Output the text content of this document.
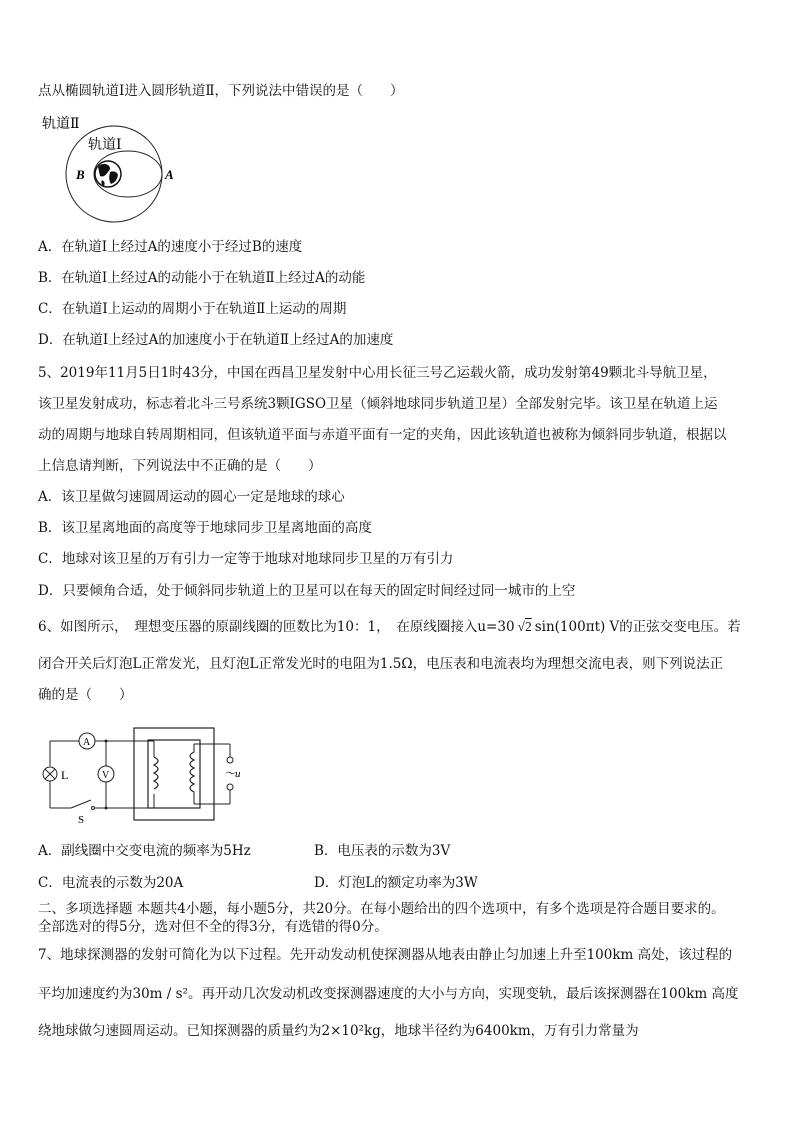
点从椭圆轨道Ⅰ进入圆形轨道Ⅱ，下列说法中错误的是（　　）
轨道Ⅱ
轨道Ⅰ
B	A
A．在轨道Ⅰ上经过A的速度小于经过B的速度
B．在轨道Ⅰ上经过A的动能小于在轨道Ⅱ上经过A的动能
C．在轨道Ⅰ上运动的周期小于在轨道Ⅱ上运动的周期
D．在轨道Ⅰ上经过A的加速度小于在轨道Ⅱ上经过A的加速度
5、2019年11月5日1时43分，中国在西昌卫星发射中心用长征三号乙运载火箭，成功发射第49颗北斗导航卫星，
该卫星发射成功，标志着北斗三号系统3颗IGSO卫星（倾斜地球同步轨道卫星）全部发射完毕。该卫星在轨道上运
动的周期与地球自转周期相同，但该轨道平面与赤道平面有一定的夹角，因此该轨道也被称为倾斜同步轨道，根据以
上信息请判断，下列说法中不正确的是（　　）
A．该卫星做匀速圆周运动的圆心一定是地球的球心
B．该卫星离地面的高度等于地球同步卫星离地面的高度
C．地球对该卫星的万有引力一定等于地球对地球同步卫星的万有引力
D．只要倾角合适，处于倾斜同步轨道上的卫星可以在每天的固定时间经过同一城市的上空
6、如图所示，　理想变压器的原副线圈的匝数比为10：1，　在原线圈接入u=30 √2 sin(100πt) V的正弦交变电压。若
闭合开关后灯泡L正常发光，且灯泡L正常发光时的电阻为1.5Ω，电压表和电流表均为理想交流电表，则下列说法正
确的是（　　）
A
L
S
V	～u
A．副线圈中交变电流的频率为5Hz	B．电压表的示数为3V
C．电流表的示数为20A	D．灯泡L的额定功率为3W
二、多项选择题 本题共4小题，每小题5分，共20分。在每小题给出的四个选项中，有多个选项是符合题目要求的。
全部选对的得5分，选对但不全的得3分，有选错的得0分。
7、地球探测器的发射可简化为以下过程。先开动发动机使探测器从地表由静止匀加速上升至100km 高处，该过程的
平均加速度约为30m / s²。再开动几次发动机改变探测器速度的大小与方向，实现变轨，最后该探测器在100km 高度
绕地球做匀速圆周运动。已知探测器的质量约为2×10²kg，地球半径约为6400km，万有引力常量为
